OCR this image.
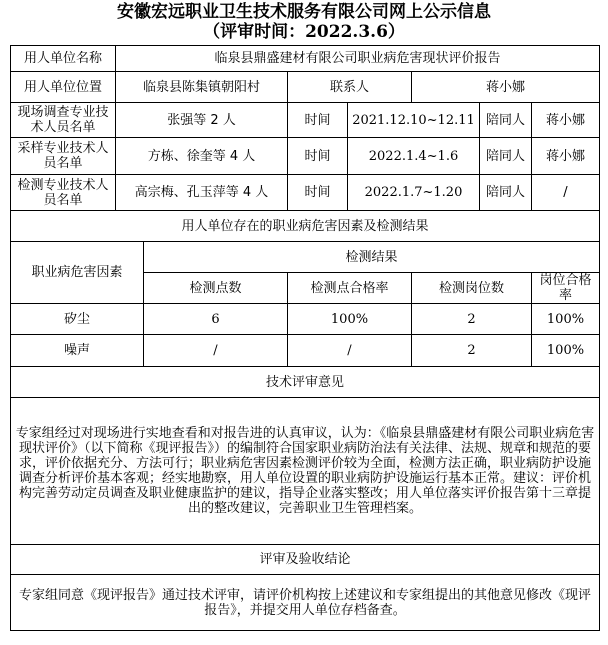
安徽宏远职业卫生技术服务有限公司网上公示信息
（评审时间：2022.3.6）
用人单位名称	临泉县鼎盛建材有限公司职业病危害现状评价报告						
用人单位位置	临泉县陈集镇朝阳村		联系人		蒋小娜		
现场调查专业技术人员名单	张强等 2 人		时间	2021.12.10~12.11		陪同人	蒋小娜
采样专业技术人员名单	方栋、徐奎等 4 人		时间	2022.1.4~1.6		陪同人	蒋小娜
检测专业技术人员名单	高宗梅、孔玉萍等 4 人		时间	2022.1.7~1.20		陪同人	/
用人单位存在的职业病危害因素及检测结果							
职业病危害因素		检测结果					
		检测点数	检测点合格率		检测岗位数		岗位合格率
矽尘		6	100%		2		100%
噪声		/	/		2		100%
技术评审意见							
专家组经过对现场进行实地查看和对报告进的认真审议，认为：《临泉县鼎盛建材有限公司职业病危害现状评价》（以下简称《现评报告》）的编制符合国家职业病防治法有关法律、法规、规章和规范的要求，评价依据充分、方法可行；职业病危害因素检测评价较为全面，检测方法正确，职业病防护设施调查分析评价基本客观；经实地勘察，用人单位设置的职业病防护设施运行基本正常。建议：评价机构完善劳动定员调查及职业健康监护的建议，指导企业落实整改；用人单位落实评价报告第十三章提出的整改建议，完善职业卫生管理档案。							
评审及验收结论							
专家组同意《现评报告》通过技术评审，请评价机构按上述建议和专家组提出的其他意见修改《现评报告》，并提交用人单位存档备查。							
